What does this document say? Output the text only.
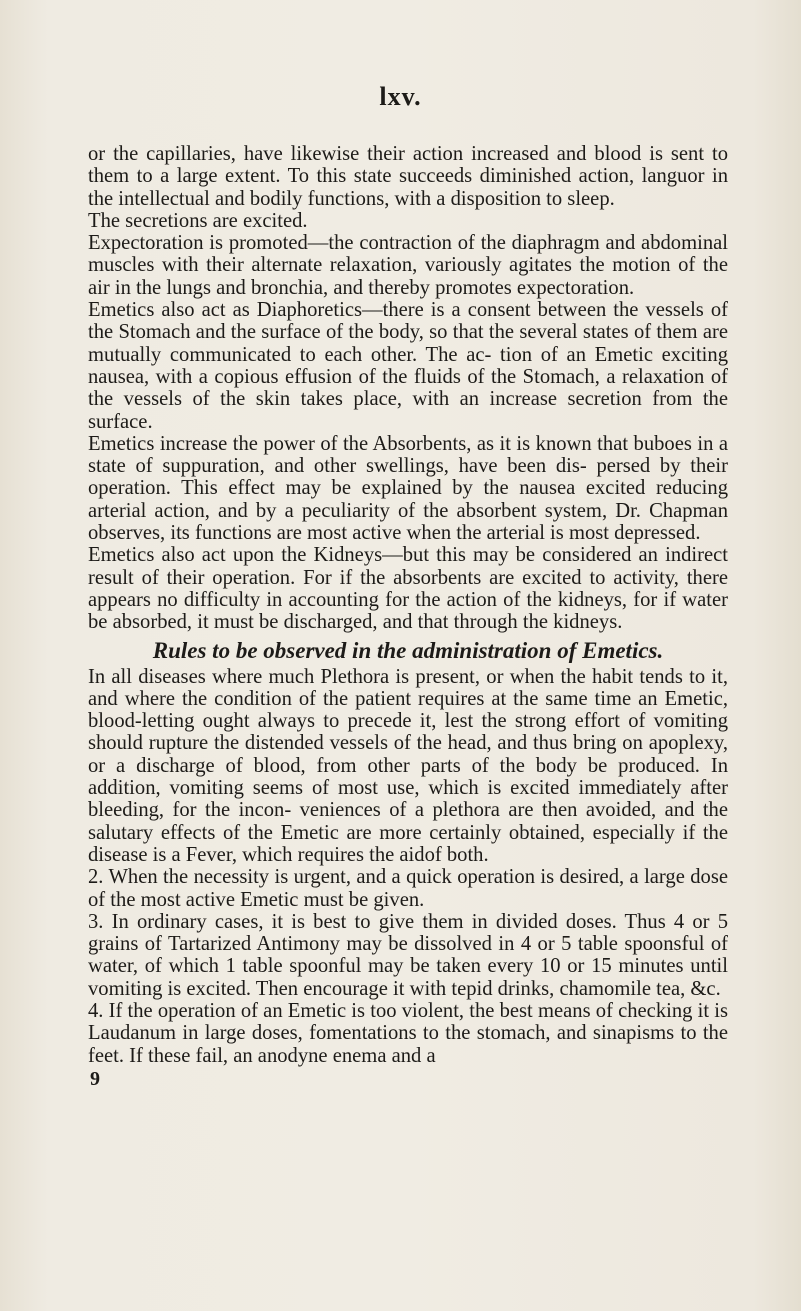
lxv.

or the capillaries, have likewise their action increased and blood is sent to them to a large extent. To this state succeeds diminished action, languor in the intellectual and bodily functions, with a disposition to sleep.

The secretions are excited.

Expectoration is promoted—the contraction of the diaphragm and abdominal muscles with their alternate relaxation, variously agitates the motion of the air in the lungs and bronchia, and thereby promotes expectoration.

Emetics also act as Diaphoretics—there is a consent between the vessels of the Stomach and the surface of the body, so that the several states of them are mutually communicated to each other. The ac- tion of an Emetic exciting nausea, with a copious effusion of the fluids of the Stomach, a relaxation of the vessels of the skin takes place, with an increase secretion from the surface.

Emetics increase the power of the Absorbents, as it is known that buboes in a state of suppuration, and other swellings, have been dis- persed by their operation. This effect may be explained by the nausea excited reducing arterial action, and by a peculiarity of the absorbent system, Dr. Chapman observes, its functions are most active when the arterial is most depressed.

Emetics also act upon the Kidneys—but this may be considered an indirect result of their operation. For if the absorbents are excited to activity, there appears no difficulty in accounting for the action of the kidneys, for if water be absorbed, it must be discharged, and that through the kidneys.

Rules to be observed in the administration of Emetics.

In all diseases where much Plethora is present, or when the habit tends to it, and where the condition of the patient requires at the same time an Emetic, blood-letting ought always to precede it, lest the strong effort of vomiting should rupture the distended vessels of the head, and thus bring on apoplexy, or a discharge of blood, from other parts of the body be produced. In addition, vomiting seems of most use, which is excited immediately after bleeding, for the incon- veniences of a plethora are then avoided, and the salutary effects of the Emetic are more certainly obtained, especially if the disease is a Fever, which requires the aidof both.

2. When the necessity is urgent, and a quick operation is desired, a large dose of the most active Emetic must be given.

3. In ordinary cases, it is best to give them in divided doses. Thus 4 or 5 grains of Tartarized Antimony may be dissolved in 4 or 5 table spoonsful of water, of which 1 table spoonful may be taken every 10 or 15 minutes until vomiting is excited. Then encourage it with tepid drinks, chamomile tea, &c.

4. If the operation of an Emetic is too violent, the best means of checking it is Laudanum in large doses, fomentations to the stomach, and sinapisms to the feet. If these fail, an anodyne enema and a

9
